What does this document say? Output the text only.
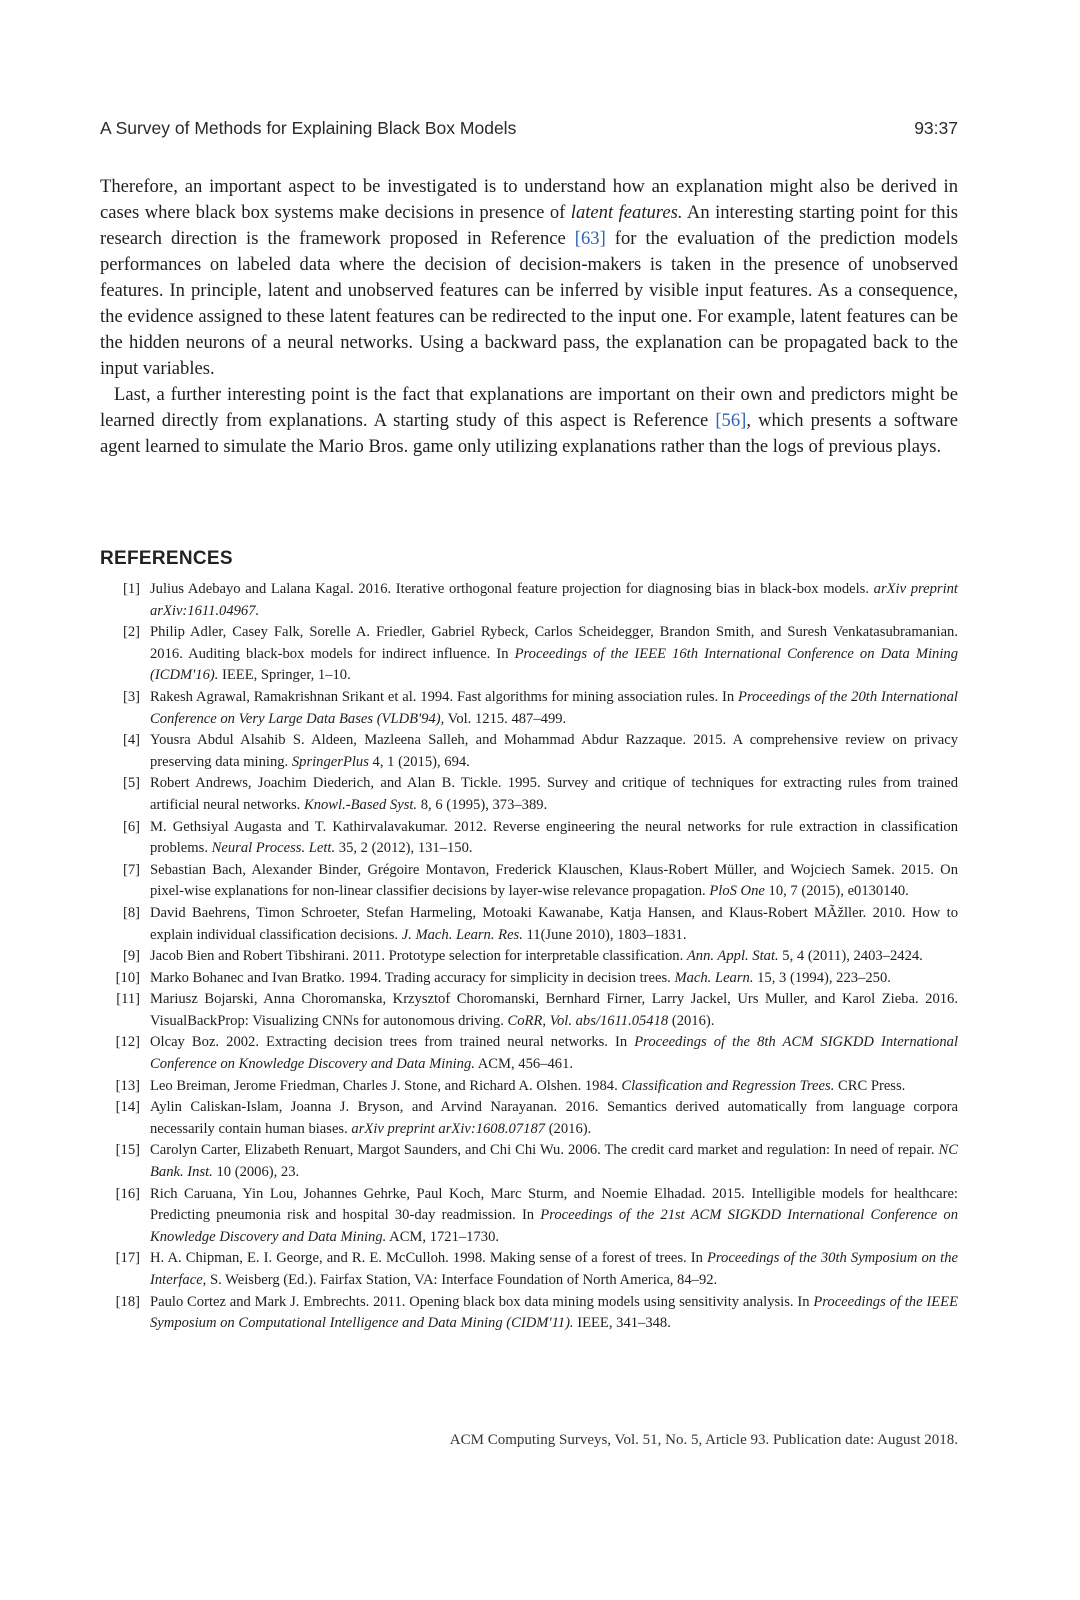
A Survey of Methods for Explaining Black Box Models	93:37

Therefore, an important aspect to be investigated is to understand how an explanation might also be derived in cases where black box systems make decisions in presence of latent features. An interesting starting point for this research direction is the framework proposed in Reference [63] for the evaluation of the prediction models performances on labeled data where the decision of decision-makers is taken in the presence of unobserved features. In principle, latent and unobserved features can be inferred by visible input features. As a consequence, the evidence assigned to these latent features can be redirected to the input one. For example, latent features can be the hidden neurons of a neural networks. Using a backward pass, the explanation can be propagated back to the input variables.

Last, a further interesting point is the fact that explanations are important on their own and predictors might be learned directly from explanations. A starting study of this aspect is Reference [56], which presents a software agent learned to simulate the Mario Bros. game only utilizing explanations rather than the logs of previous plays.

REFERENCES
[1] Julius Adebayo and Lalana Kagal. 2016. Iterative orthogonal feature projection for diagnosing bias in black-box models. arXiv preprint arXiv:1611.04967.
[2] Philip Adler, Casey Falk, Sorelle A. Friedler, Gabriel Rybeck, Carlos Scheidegger, Brandon Smith, and Suresh Venkatasubramanian. 2016. Auditing black-box models for indirect influence. In Proceedings of the IEEE 16th International Conference on Data Mining (ICDM'16). IEEE, Springer, 1–10.
[3] Rakesh Agrawal, Ramakrishnan Srikant et al. 1994. Fast algorithms for mining association rules. In Proceedings of the 20th International Conference on Very Large Data Bases (VLDB'94), Vol. 1215. 487–499.
[4] Yousra Abdul Alsahib S. Aldeen, Mazleena Salleh, and Mohammad Abdur Razzaque. 2015. A comprehensive review on privacy preserving data mining. SpringerPlus 4, 1 (2015), 694.
[5] Robert Andrews, Joachim Diederich, and Alan B. Tickle. 1995. Survey and critique of techniques for extracting rules from trained artificial neural networks. Knowl.-Based Syst. 8, 6 (1995), 373–389.
[6] M. Gethsiyal Augasta and T. Kathirvalavakumar. 2012. Reverse engineering the neural networks for rule extraction in classification problems. Neural Process. Lett. 35, 2 (2012), 131–150.
[7] Sebastian Bach, Alexander Binder, Grégoire Montavon, Frederick Klauschen, Klaus-Robert Müller, and Wojciech Samek. 2015. On pixel-wise explanations for non-linear classifier decisions by layer-wise relevance propagation. PloS One 10, 7 (2015), e0130140.
[8] David Baehrens, Timon Schroeter, Stefan Harmeling, Motoaki Kawanabe, Katja Hansen, and Klaus-Robert MÃžller. 2010. How to explain individual classification decisions. J. Mach. Learn. Res. 11(June 2010), 1803–1831.
[9] Jacob Bien and Robert Tibshirani. 2011. Prototype selection for interpretable classification. Ann. Appl. Stat. 5, 4 (2011), 2403–2424.
[10] Marko Bohanec and Ivan Bratko. 1994. Trading accuracy for simplicity in decision trees. Mach. Learn. 15, 3 (1994), 223–250.
[11] Mariusz Bojarski, Anna Choromanska, Krzysztof Choromanski, Bernhard Firner, Larry Jackel, Urs Muller, and Karol Zieba. 2016. VisualBackProp: Visualizing CNNs for autonomous driving. CoRR, Vol. abs/1611.05418 (2016).
[12] Olcay Boz. 2002. Extracting decision trees from trained neural networks. In Proceedings of the 8th ACM SIGKDD International Conference on Knowledge Discovery and Data Mining. ACM, 456–461.
[13] Leo Breiman, Jerome Friedman, Charles J. Stone, and Richard A. Olshen. 1984. Classification and Regression Trees. CRC Press.
[14] Aylin Caliskan-Islam, Joanna J. Bryson, and Arvind Narayanan. 2016. Semantics derived automatically from language corpora necessarily contain human biases. arXiv preprint arXiv:1608.07187 (2016).
[15] Carolyn Carter, Elizabeth Renuart, Margot Saunders, and Chi Chi Wu. 2006. The credit card market and regulation: In need of repair. NC Bank. Inst. 10 (2006), 23.
[16] Rich Caruana, Yin Lou, Johannes Gehrke, Paul Koch, Marc Sturm, and Noemie Elhadad. 2015. Intelligible models for healthcare: Predicting pneumonia risk and hospital 30-day readmission. In Proceedings of the 21st ACM SIGKDD International Conference on Knowledge Discovery and Data Mining. ACM, 1721–1730.
[17] H. A. Chipman, E. I. George, and R. E. McCulloh. 1998. Making sense of a forest of trees. In Proceedings of the 30th Symposium on the Interface, S. Weisberg (Ed.). Fairfax Station, VA: Interface Foundation of North America, 84–92.
[18] Paulo Cortez and Mark J. Embrechts. 2011. Opening black box data mining models using sensitivity analysis. In Proceedings of the IEEE Symposium on Computational Intelligence and Data Mining (CIDM'11). IEEE, 341–348.
ACM Computing Surveys, Vol. 51, No. 5, Article 93. Publication date: August 2018.
